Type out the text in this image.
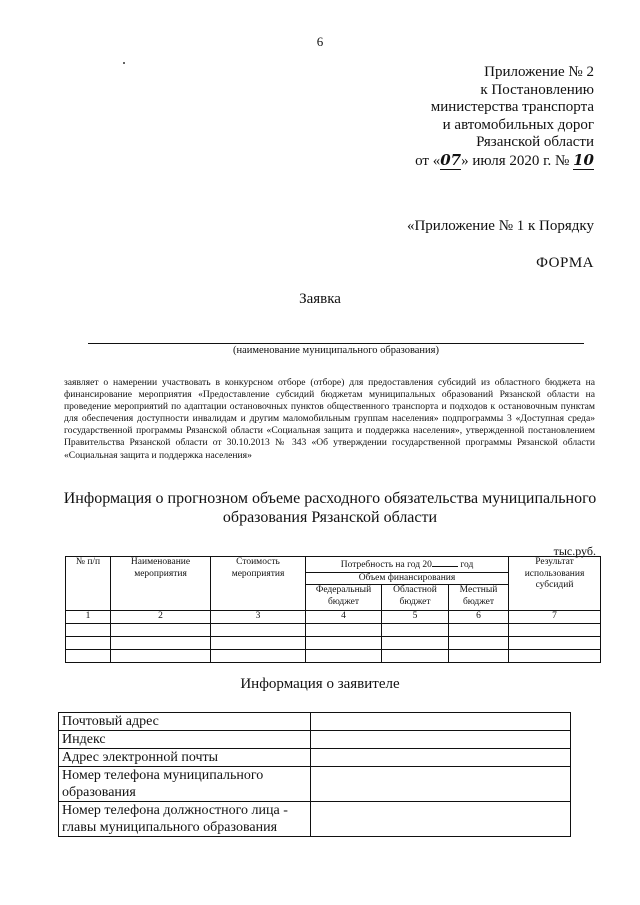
6
Приложение № 2
к Постановлению
министерства транспорта
и автомобильных дорог
Рязанской области
от «07» июля 2020 г. № 10
«Приложение № 1 к Порядку
ФОРМА
Заявка
(наименование муниципального образования)
заявляет о намерении участвовать в конкурсном отборе (отборе) для предоставления субсидий из областного бюджета на финансирование мероприятия «Предоставление субсидий бюджетам муниципальных образований Рязанской области на проведение мероприятий по адаптации остановочных пунктов общественного транспорта и подходов к остановочным пунктам для обеспечения доступности инвалидам и другим маломобильным группам населения» подпрограммы 3 «Доступная среда» государственной программы Рязанской области «Социальная защита и поддержка населения», утвержденной постановлением Правительства Рязанской области от 30.10.2013 № 343 «Об утверждении государственной программы Рязанской области «Социальная защита и поддержка населения»
Информация о прогнозном объеме расходного обязательства муниципального образования Рязанской области
тыс.руб.
№ п/п	Наименование мероприятия	Стоимость мероприятия	Потребность на год 20 год			Результат использования субсидий
			Объем финансирования			
			Федеральный бюджет	Областной бюджет	Местный бюджет	
1	2	3	4	5	6	7

Информация о заявителе
Почтовый адрес	
Индекс	
Адрес электронной почты	
Номер телефона муниципального образования	
Номер телефона должностного лица - главы муниципального образования	
